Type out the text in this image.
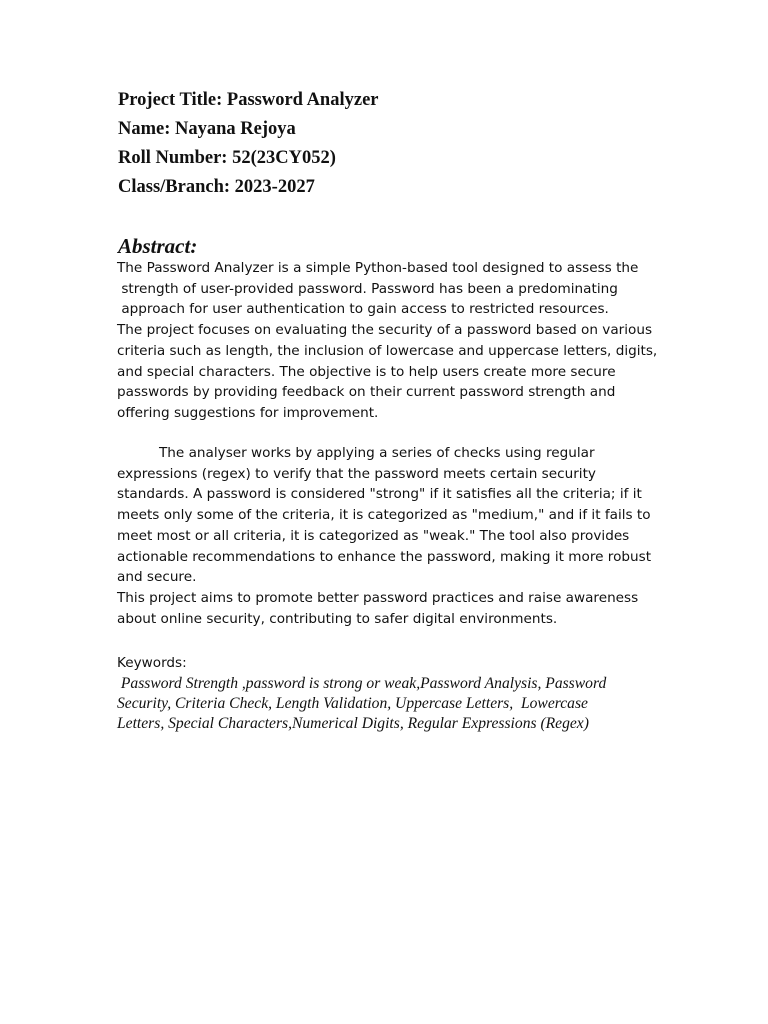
Project Title: Password Analyzer
Name: Nayana Rejoya
Roll Number: 52(23CY052)
Class/Branch: 2023-2027
Abstract:
The Password Analyzer is a simple Python-based tool designed to assess the
strength of user-provided password. Password has been a predominating
approach for user authentication to gain access to restricted resources.
The project focuses on evaluating the security of a password based on various
criteria such as length, the inclusion of lowercase and uppercase letters, digits,
and special characters. The objective is to help users create more secure
passwords by providing feedback on their current password strength and
offering suggestions for improvement.
The analyser works by applying a series of checks using regular
expressions (regex) to verify that the password meets certain security
standards. A password is considered "strong" if it satisfies all the criteria; if it
meets only some of the criteria, it is categorized as "medium," and if it fails to
meet most or all criteria, it is categorized as "weak." The tool also provides
actionable recommendations to enhance the password, making it more robust
and secure.
This project aims to promote better password practices and raise awareness
about online security, contributing to safer digital environments.
Keywords:
Password Strength ,password is strong or weak,Password Analysis, Password
Security, Criteria Check, Length Validation, Uppercase Letters,  Lowercase
Letters, Special Characters,Numerical Digits, Regular Expressions (Regex)
